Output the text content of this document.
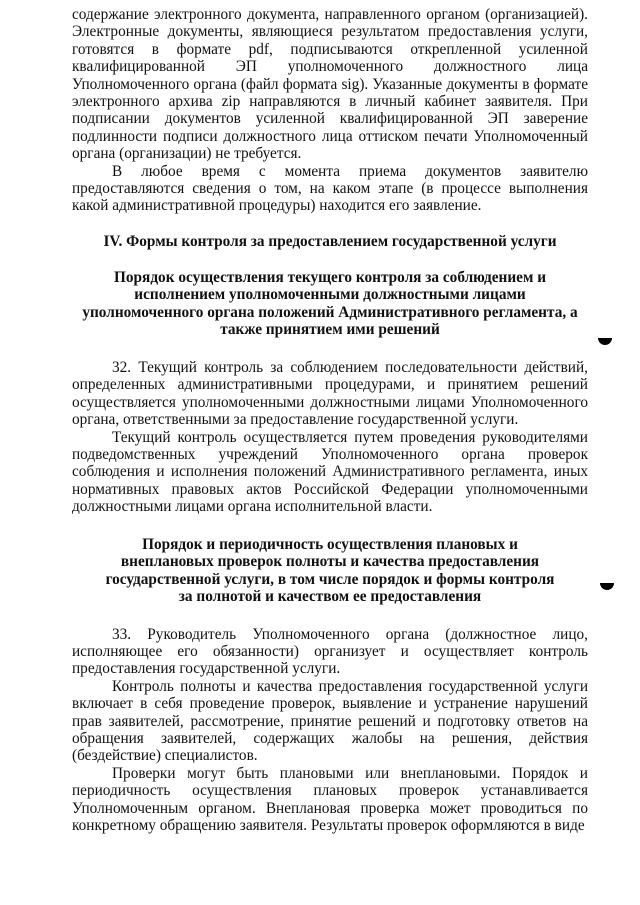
содержание электронного документа, направленного органом (организацией). Электронные документы, являющиеся результатом предоставления услуги, готовятся в формате pdf, подписываются открепленной усиленной квалифицированной ЭП уполномоченного должностного лица Уполномоченного органа (файл формата sig). Указанные документы в формате электронного архива zip направляются в личный кабинет заявителя. При подписании документов усиленной квалифицированной ЭП заверение подлинности подписи должностного лица оттиском печати Уполномоченный органа (организации) не требуется.

В любое время с момента приема документов заявителю предоставляются сведения о том, на каком этапе (в процессе выполнения какой административной процедуры) находится его заявление.

IV. Формы контроля за предоставлением государственной услуги

Порядок осуществления текущего контроля за соблюдением и исполнением уполномоченными должностными лицами уполномоченного органа положений Административного регламента, а также принятием ими решений

32. Текущий контроль за соблюдением последовательности действий, определенных административными процедурами, и принятием решений осуществляется уполномоченными должностными лицами Уполномоченного органа, ответственными за предоставление государственной услуги.

Текущий контроль осуществляется путем проведения руководителями подведомственных учреждений Уполномоченного органа проверок соблюдения и исполнения положений Административного регламента, иных нормативных правовых актов Российской Федерации уполномоченными должностными лицами органа исполнительной власти.

Порядок и периодичность осуществления плановых и внеплановых проверок полноты и качества предоставления государственной услуги, в том числе порядок и формы контроля за полнотой и качеством ее предоставления

33. Руководитель Уполномоченного органа (должностное лицо, исполняющее его обязанности) организует и осуществляет контроль предоставления государственной услуги.

Контроль полноты и качества предоставления государственной услуги включает в себя проведение проверок, выявление и устранение нарушений прав заявителей, рассмотрение, принятие решений и подготовку ответов на обращения заявителей, содержащих жалобы на решения, действия (бездействие) специалистов.

Проверки могут быть плановыми или внеплановыми. Порядок и периодичность осуществления плановых проверок устанавливается Уполномоченным органом. Внеплановая проверка может проводиться по конкретному обращению заявителя. Результаты проверок оформляются в виде
